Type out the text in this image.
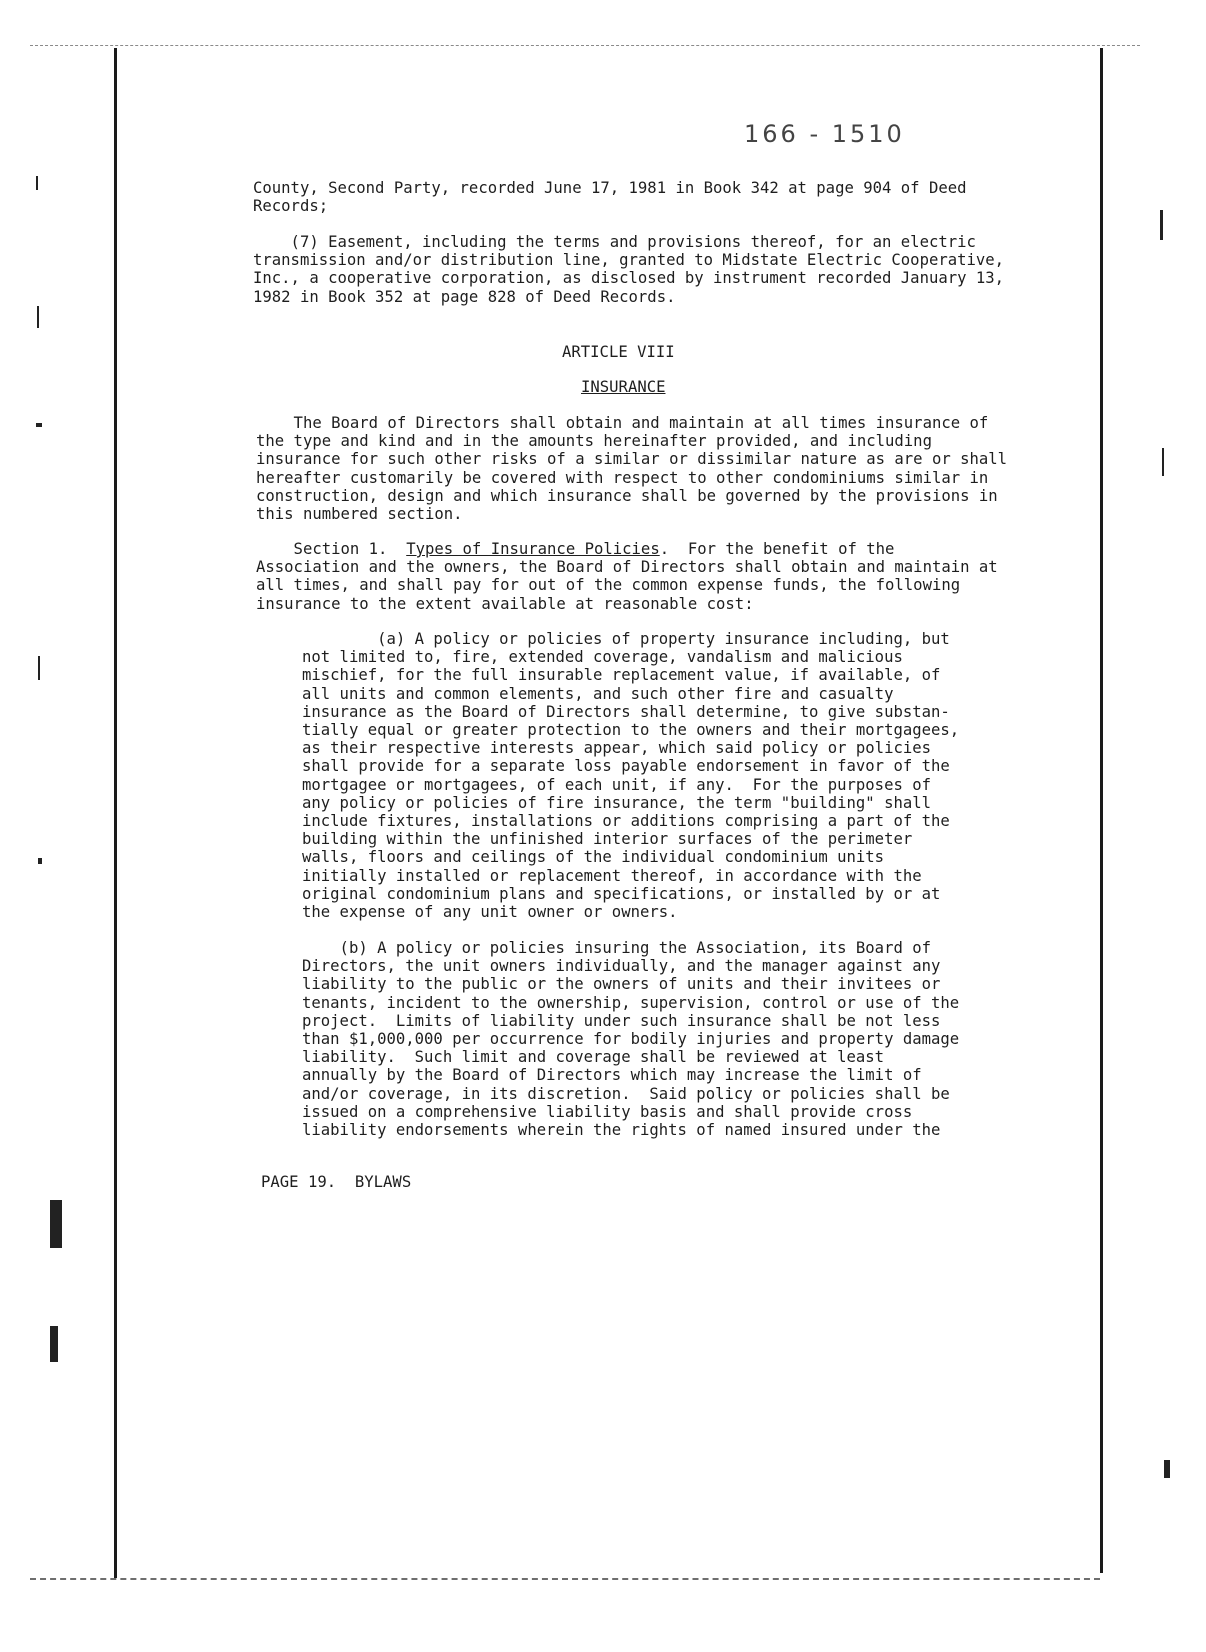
166 - 1510
County, Second Party, recorded June 17, 1981 in Book 342 at page 904 of Deed
Records;
(7) Easement, including the terms and provisions thereof, for an electric
transmission and/or distribution line, granted to Midstate Electric Cooperative,
Inc., a cooperative corporation, as disclosed by instrument recorded January 13,
1982 in Book 352 at page 828 of Deed Records.
ARTICLE VIII
INSURANCE
The Board of Directors shall obtain and maintain at all times insurance of
the type and kind and in the amounts hereinafter provided, and including
insurance for such other risks of a similar or dissimilar nature as are or shall
hereafter customarily be covered with respect to other condominiums similar in
construction, design and which insurance shall be governed by the provisions in
this numbered section.
Section 1.  Types of Insurance Policies.  For the benefit of the
Association and the owners, the Board of Directors shall obtain and maintain at
all times, and shall pay for out of the common expense funds, the following
insurance to the extent available at reasonable cost:
(a) A policy or policies of property insurance including, but
not limited to, fire, extended coverage, vandalism and malicious
mischief, for the full insurable replacement value, if available, of
all units and common elements, and such other fire and casualty
insurance as the Board of Directors shall determine, to give substan-
tially equal or greater protection to the owners and their mortgagees,
as their respective interests appear, which said policy or policies
shall provide for a separate loss payable endorsement in favor of the
mortgagee or mortgagees, of each unit, if any.  For the purposes of
any policy or policies of fire insurance, the term "building" shall
include fixtures, installations or additions comprising a part of the
building within the unfinished interior surfaces of the perimeter
walls, floors and ceilings of the individual condominium units
initially installed or replacement thereof, in accordance with the
original condominium plans and specifications, or installed by or at
the expense of any unit owner or owners.
(b) A policy or policies insuring the Association, its Board of
Directors, the unit owners individually, and the manager against any
liability to the public or the owners of units and their invitees or
tenants, incident to the ownership, supervision, control or use of the
project.  Limits of liability under such insurance shall be not less
than $1,000,000 per occurrence for bodily injuries and property damage
liability.  Such limit and coverage shall be reviewed at least
annually by the Board of Directors which may increase the limit of
and/or coverage, in its discretion.  Said policy or policies shall be
issued on a comprehensive liability basis and shall provide cross
liability endorsements wherein the rights of named insured under the
PAGE 19.  BYLAWS
